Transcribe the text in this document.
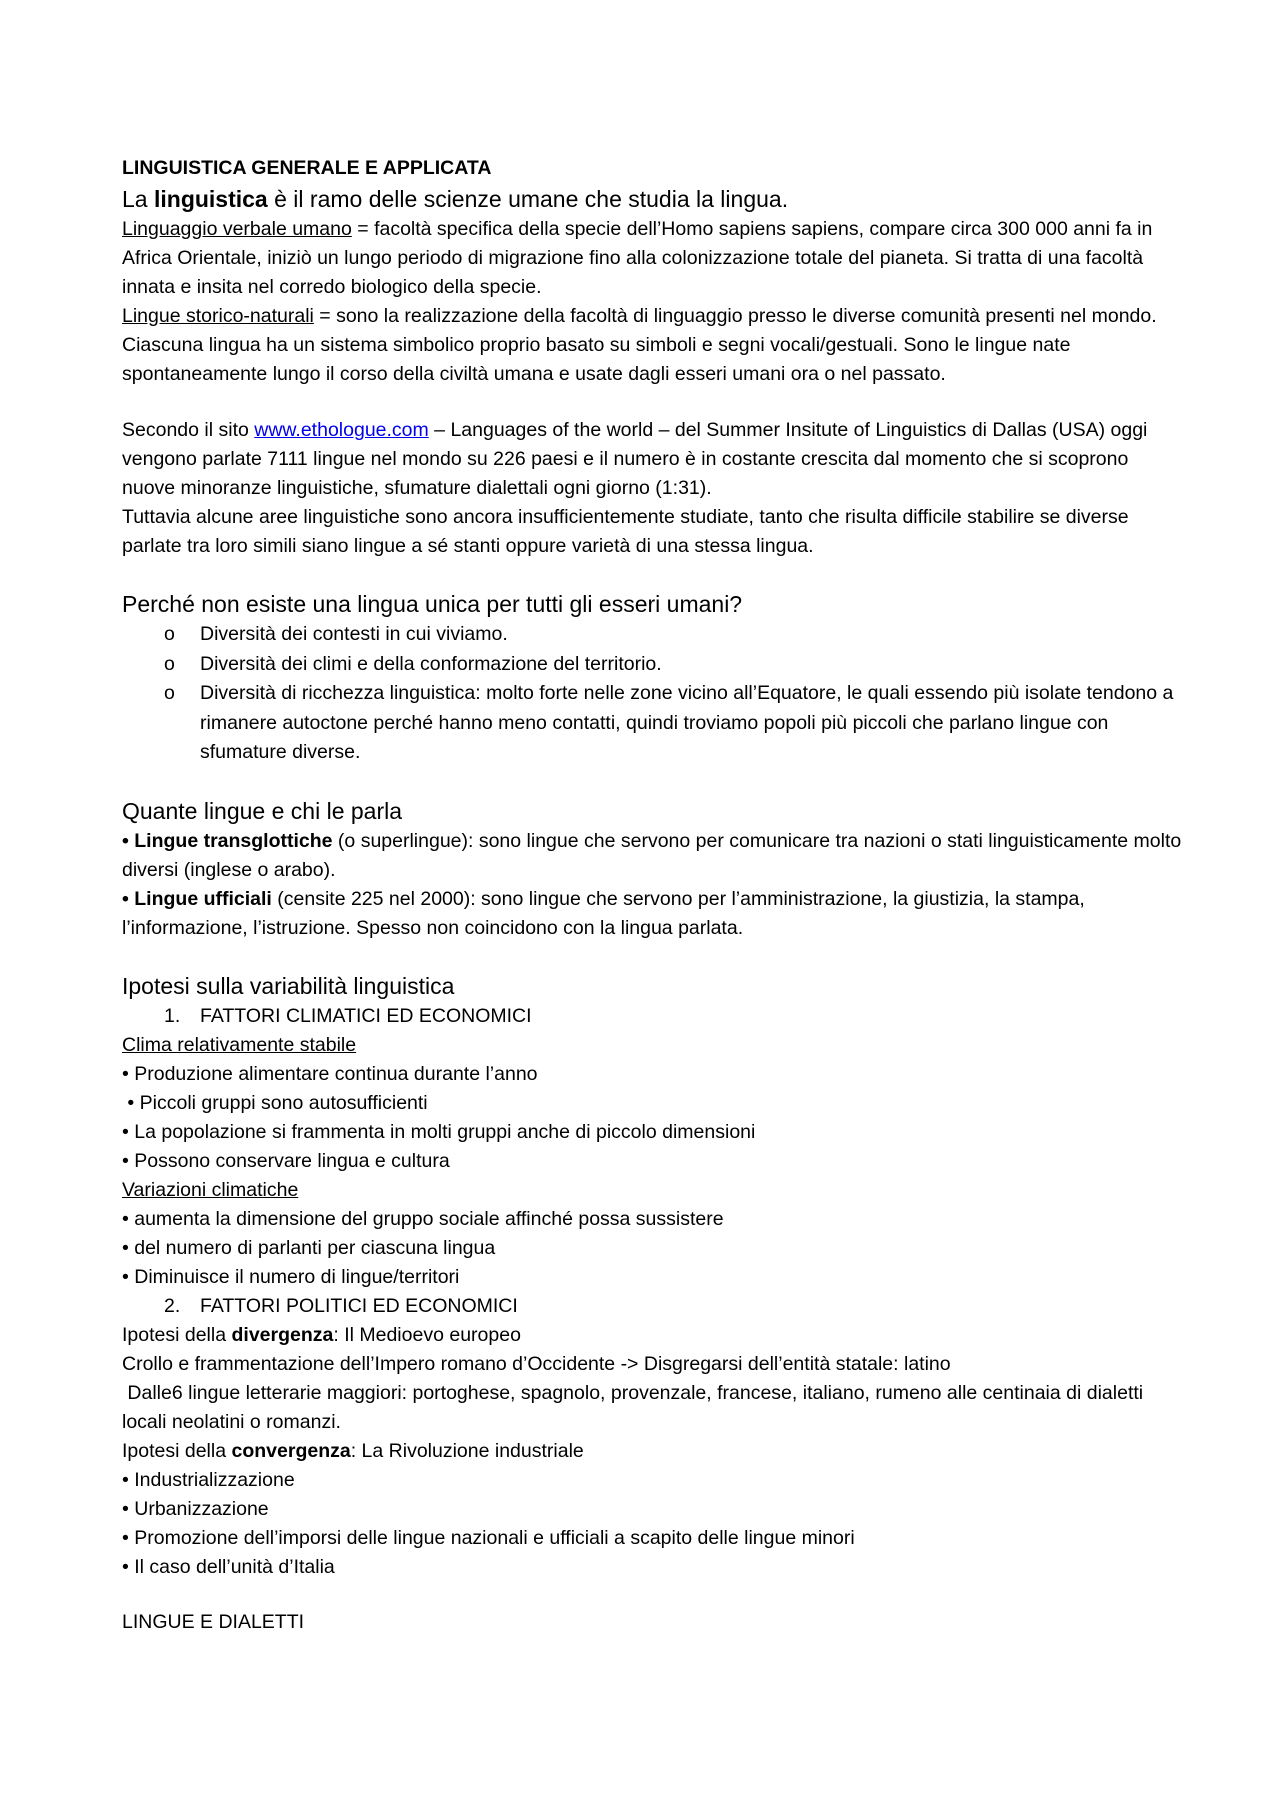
LINGUISTICA GENERALE E APPLICATA

La linguistica è il ramo delle scienze umane che studia la lingua.

Linguaggio verbale umano = facoltà specifica della specie dell’Homo sapiens sapiens, compare circa 300 000 anni fa in Africa Orientale, iniziò un lungo periodo di migrazione fino alla colonizzazione totale del pianeta. Si tratta di una facoltà innata e insita nel corredo biologico della specie.

Lingue storico-naturali = sono la realizzazione della facoltà di linguaggio presso le diverse comunità presenti nel mondo. Ciascuna lingua ha un sistema simbolico proprio basato su simboli e segni vocali/gestuali. Sono le lingue nate spontaneamente lungo il corso della civiltà umana e usate dagli esseri umani ora o nel passato.

Secondo il sito www.ethologue.com – Languages of the world – del Summer Insitute of Linguistics di Dallas (USA) oggi vengono parlate 7111 lingue nel mondo su 226 paesi e il numero è in costante crescita dal momento che si scoprono nuove minoranze linguistiche, sfumature dialettali ogni giorno (1:31).

Tuttavia alcune aree linguistiche sono ancora insufficientemente studiate, tanto che risulta difficile stabilire se diverse parlate tra loro simili siano lingue a sé stanti oppure varietà di una stessa lingua.

Perché non esiste una lingua unica per tutti gli esseri umani?

o Diversità dei contesti in cui viviamo.
o Diversità dei climi e della conformazione del territorio.
o Diversità di ricchezza linguistica: molto forte nelle zone vicino all’Equatore, le quali essendo più isolate tendono a rimanere autoctone perché hanno meno contatti, quindi troviamo popoli più piccoli che parlano lingue con sfumature diverse.

Quante lingue e chi le parla

• Lingue transglottiche (o superlingue): sono lingue che servono per comunicare tra nazioni o stati linguisticamente molto diversi (inglese o arabo).

• Lingue ufficiali (censite 225 nel 2000): sono lingue che servono per l’amministrazione, la giustizia, la stampa, l’informazione, l’istruzione. Spesso non coincidono con la lingua parlata.

Ipotesi sulla variabilità linguistica

1. FATTORI CLIMATICI ED ECONOMICI

Clima relativamente stabile

• Produzione alimentare continua durante l’anno

• Piccoli gruppi sono autosufficienti

• La popolazione si frammenta in molti gruppi anche di piccolo dimensioni

• Possono conservare lingua e cultura

Variazioni climatiche

• aumenta la dimensione del gruppo sociale affinché possa sussistere

• del numero di parlanti per ciascuna lingua

• Diminuisce il numero di lingue/territori

2. FATTORI POLITICI ED ECONOMICI

Ipotesi della divergenza: Il Medioevo europeo

Crollo e frammentazione dell’Impero romano d’Occidente -> Disgregarsi dell’entità statale: latino

Dalle6 lingue letterarie maggiori: portoghese, spagnolo, provenzale, francese, italiano, rumeno alle centinaia di dialetti locali neolatini o romanzi.

Ipotesi della convergenza: La Rivoluzione industriale

• Industrializzazione

• Urbanizzazione

• Promozione dell’imporsi delle lingue nazionali e ufficiali a scapito delle lingue minori

• Il caso dell’unità d’Italia

LINGUE E DIALETTI
